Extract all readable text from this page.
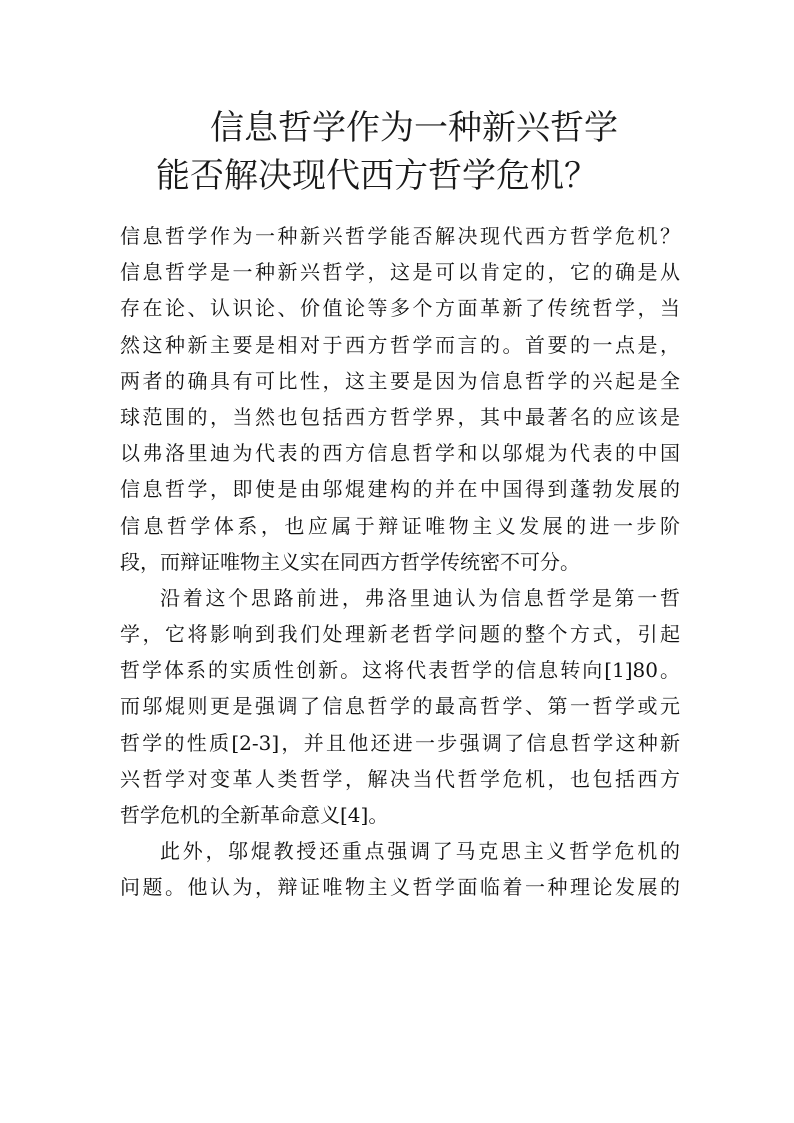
信息哲学作为一种新兴哲学
能否解决现代西方哲学危机？
信息哲学作为一种新兴哲学能否解决现代西方哲学危机？
信息哲学是一种新兴哲学，这是可以肯定的，它的确是从
存在论、认识论、价值论等多个方面革新了传统哲学，当
然这种新主要是相对于西方哲学而言的。首要的一点是，
两者的确具有可比性，这主要是因为信息哲学的兴起是全
球范围的，当然也包括西方哲学界，其中最著名的应该是
以弗洛里迪为代表的西方信息哲学和以邬焜为代表的中国
信息哲学，即使是由邬焜建构的并在中国得到蓬勃发展的
信息哲学体系，也应属于辩证唯物主义发展的进一步阶
段，而辩证唯物主义实在同西方哲学传统密不可分。
沿着这个思路前进，弗洛里迪认为信息哲学是第一哲
学，它将影响到我们处理新老哲学问题的整个方式，引起
哲学体系的实质性创新。这将代表哲学的信息转向[1]80。
而邬焜则更是强调了信息哲学的最高哲学、第一哲学或元
哲学的性质[2-3]，并且他还进一步强调了信息哲学这种新
兴哲学对变革人类哲学，解决当代哲学危机，也包括西方
哲学危机的全新革命意义[4]。
此外，邬焜教授还重点强调了马克思主义哲学危机的
问题。他认为，辩证唯物主义哲学面临着一种理论发展的
